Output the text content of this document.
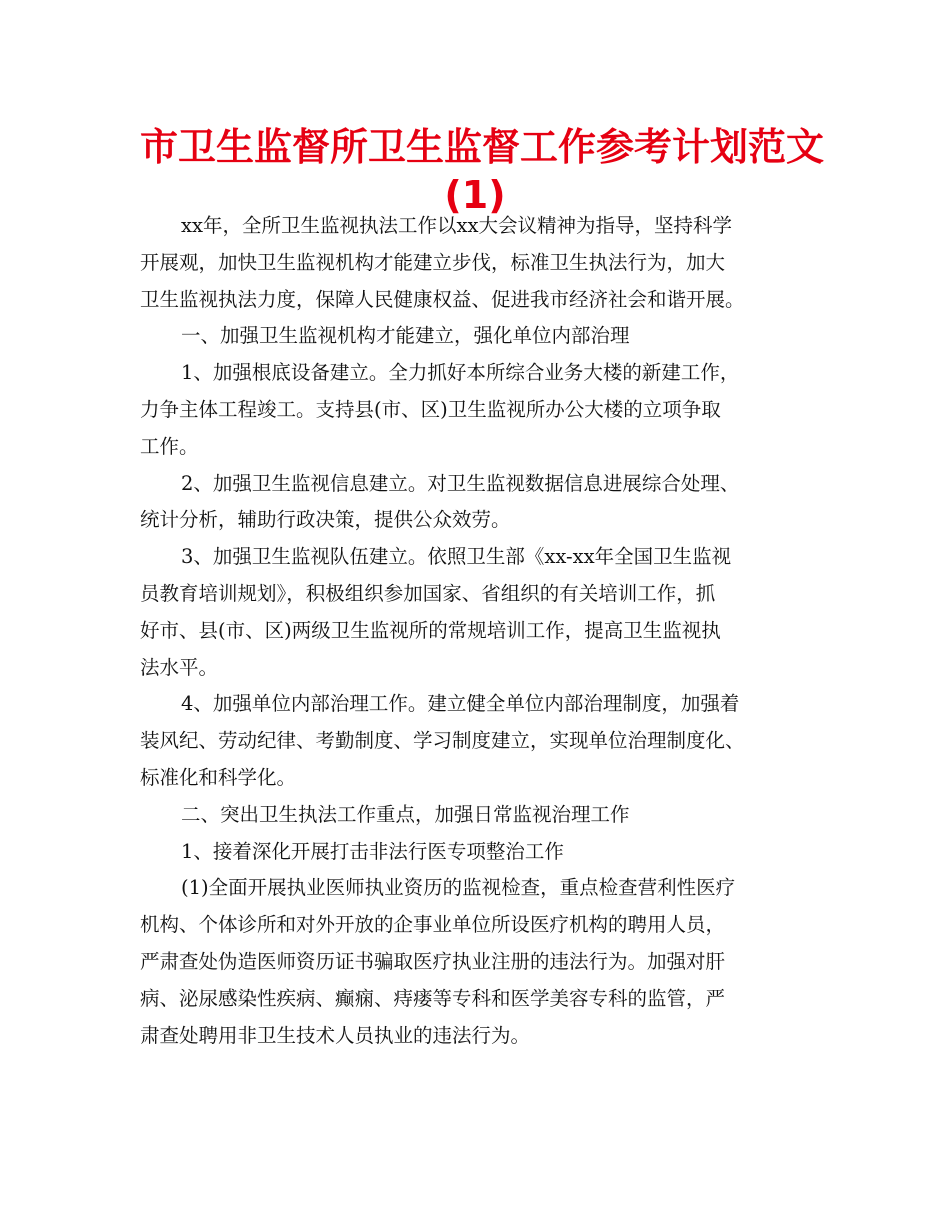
市卫生监督所卫生监督工作参考计划范文
(1)
xx年，全所卫生监视执法工作以xx大会议精神为指导，坚持科学
开展观，加快卫生监视机构才能建立步伐，标准卫生执法行为，加大
卫生监视执法力度，保障人民健康权益、促进我市经济社会和谐开展。
一、加强卫生监视机构才能建立，强化单位内部治理
1、加强根底设备建立。全力抓好本所综合业务大楼的新建工作，
力争主体工程竣工。支持县(市、区)卫生监视所办公大楼的立项争取
工作。
2、加强卫生监视信息建立。对卫生监视数据信息进展综合处理、
统计分析，辅助行政决策，提供公众效劳。
3、加强卫生监视队伍建立。依照卫生部《xx-xx年全国卫生监视
员教育培训规划》，积极组织参加国家、省组织的有关培训工作，抓
好市、县(市、区)两级卫生监视所的常规培训工作，提高卫生监视执
法水平。
4、加强单位内部治理工作。建立健全单位内部治理制度，加强着
装风纪、劳动纪律、考勤制度、学习制度建立，实现单位治理制度化、
标准化和科学化。
二、突出卫生执法工作重点，加强日常监视治理工作
1、接着深化开展打击非法行医专项整治工作
(1)全面开展执业医师执业资历的监视检查，重点检查营利性医疗
机构、个体诊所和对外开放的企事业单位所设医疗机构的聘用人员，
严肃查处伪造医师资历证书骗取医疗执业注册的违法行为。加强对肝
病、泌尿感染性疾病、癫痫、痔瘘等专科和医学美容专科的监管，严
肃查处聘用非卫生技术人员执业的违法行为。
